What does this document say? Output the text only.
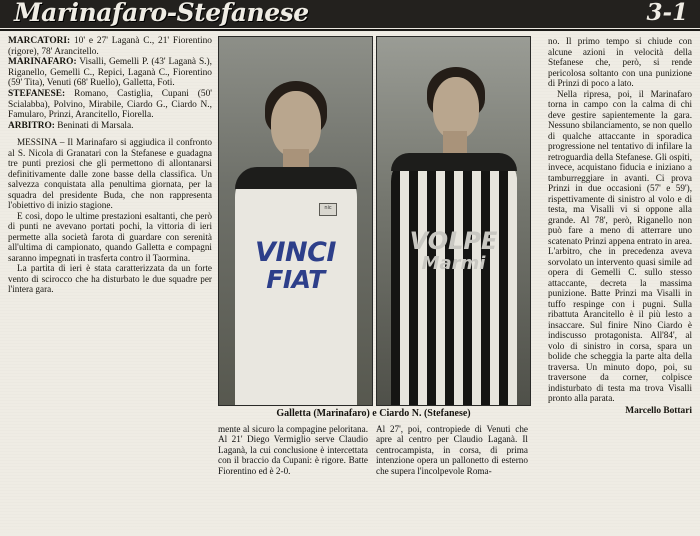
Marinafaro-Stefanese	3-1
MARCATORI: 10' e 27' Laganà C., 21' Fiorentino (rigore), 78' Arancitello.
MARINAFARO: Visalli, Gemelli P. (43' Laganà S.), Riganello, Gemelli C., Repici, Laganà C., Fiorentino (59' Tita), Venuti (68' Ruello), Galletta, Foti.
STEFANESE: Romano, Castiglia, Cupani (50' Scialabba), Polvino, Mirabile, Ciardo G., Ciardo N., Famularo, Prinzi, Arancitello, Fiorella.
ARBITRO: Beninati di Marsala.

MESSINA – Il Marinafaro si aggiudica il confronto al S. Nicola di Granatari con la Stefanese e guadagna tre punti preziosi che gli permettono di allontanarsi definitivamente dalle zone basse della classifica. Un salvezza conquistata alla penultima giornata, per la squadra del presidente Buda, che non rappresenta l'obiettivo di inizio stagione.

E così, dopo le ultime prestazioni esaltanti, che però di punti ne avevano portati pochi, la vittoria di ieri permette alla società farota di guardare con serenità all'ultima di campionato, quando Galletta e compagni saranno impegnati in trasferta contro il Taormina.

La partita di ieri è stata caratterizzata da un forte vento di scirocco che ha disturbato le due squadre per l'intera gara.

nic
VINCI
FIAT
VOLPE
Marmi
Galletta (Marinafaro) e Ciardo N. (Stefanese)

mente al sicuro la compagine peloritana. Al 21' Diego Vermiglio serve Claudio Laganà, la cui conclusione è intercettata con il braccio da Cupani: è rigore. Batte Fiorentino ed è 2-0.

Al 27', poi, contropiede di Venuti che apre al centro per Claudio Laganà. Il centrocampista, in corsa, di prima intenzione opera un pallonetto di esterno che supera l'incolpevole Roma-

no. Il primo tempo si chiude con alcune azioni in velocità della Stefanese che, però, si rende pericolosa soltanto con una punizione di Prinzi di poco a lato.

Nella ripresa, poi, il Marinafaro torna in campo con la calma di chi deve gestire sapientemente la gara. Nessuno sbilanciamento, se non quello di qualche attaccante in sporadica progressione nel tentativo di infilare la retroguardia della Stefanese. Gli ospiti, invece, acquistano fiducia e iniziano a tamburreggiare in avanti. Ci prova Prinzi in due occasioni (57' e 59'), rispettivamente di sinistro al volo e di testa, ma Visalli vi si oppone alla grande. Al 78', però, Riganello non può fare a meno di atterrare uno scatenato Prinzi appena entrato in area. L'arbitro, che in precedenza aveva sorvolato un intervento quasi simile ad opera di Gemelli C. sullo stesso attaccante, decreta la massima punizione. Batte Prinzi ma Visalli in tuffo respinge con i pugni. Sulla ribattuta Arancitello è il più lesto a insaccare. Sul finire Nino Ciardo è indiscusso protagonista. All'84', al volo di sinistro in corsa, spara un bolide che scheggia la parte alta della traversa. Un minuto dopo, poi, su traversone da corner, colpisce indisturbato di testa ma trova Visalli pronto alla parata.

Marcello Bottari
